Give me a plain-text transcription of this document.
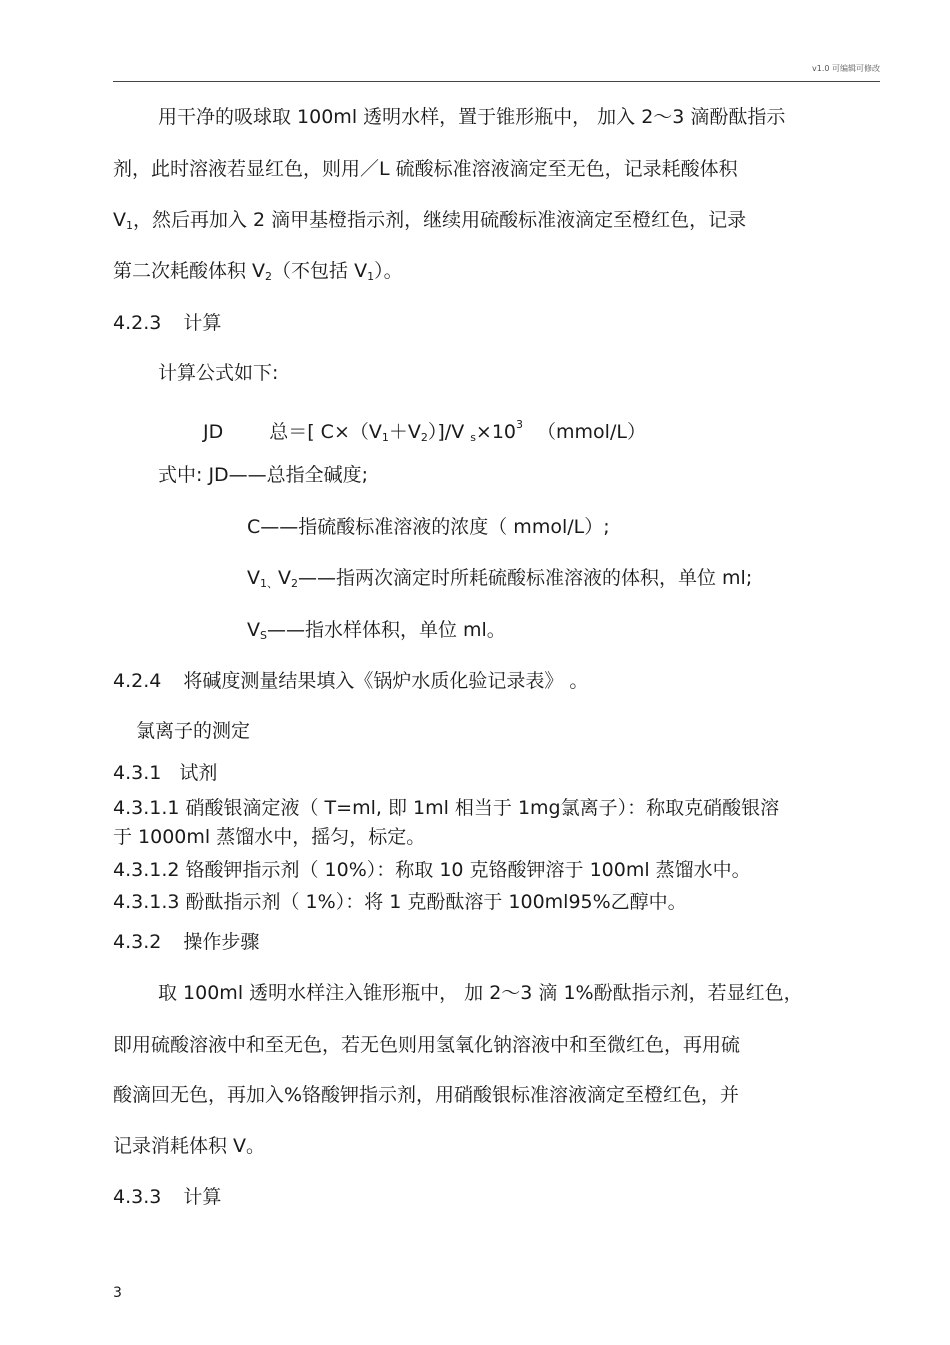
v1.0 可编辑可修改
用干净的吸球取 100ml 透明水样，置于锥形瓶中， 加入 2～3 滴酚酞指示
剂，此时溶液若显红色，则用／L 硫酸标准溶液滴定至无色，记录耗酸体积
V1，然后再加入 2 滴甲基橙指示剂，继续用硫酸标准液滴定至橙红色，记录
第二次耗酸体积 V2（不包括 V1）。
4.2.3 计算
计算公式如下:
JD 总＝[ C×（V1＋V2）]/V $s\times 10^3$ （mmol/L）
式中: JD——总指全碱度;
C——指硫酸标准溶液的浓度（ mmol/L）;
V1、V2——指两次滴定时所耗硫酸标准溶液的体积，单位 ml;
VS——指水样体积，单位 ml。
4.2.4 将碱度测量结果填入《锅炉水质化验记录表》 。
氯离子的测定
4.3.1 试剂
4.3.1.1 硝酸银滴定液（ T=ml, 即 1ml 相当于 1mg氯离子）：称取克硝酸银溶
于 1000ml 蒸馏水中，摇匀，标定。
4.3.1.2 铬酸钾指示剂（ 10%）：称取 10 克铬酸钾溶于 100ml 蒸馏水中。
4.3.1.3 酚酞指示剂（ 1%）：将 1 克酚酞溶于 100ml95%乙醇中。
4.3.2 操作步骤
取 100ml 透明水样注入锥形瓶中， 加 2～3 滴 1%酚酞指示剂，若显红色，
即用硫酸溶液中和至无色，若无色则用氢氧化钠溶液中和至微红色，再用硫
酸滴回无色，再加入%铬酸钾指示剂，用硝酸银标准溶液滴定至橙红色，并
记录消耗体积 V。
4.3.3 计算
3
